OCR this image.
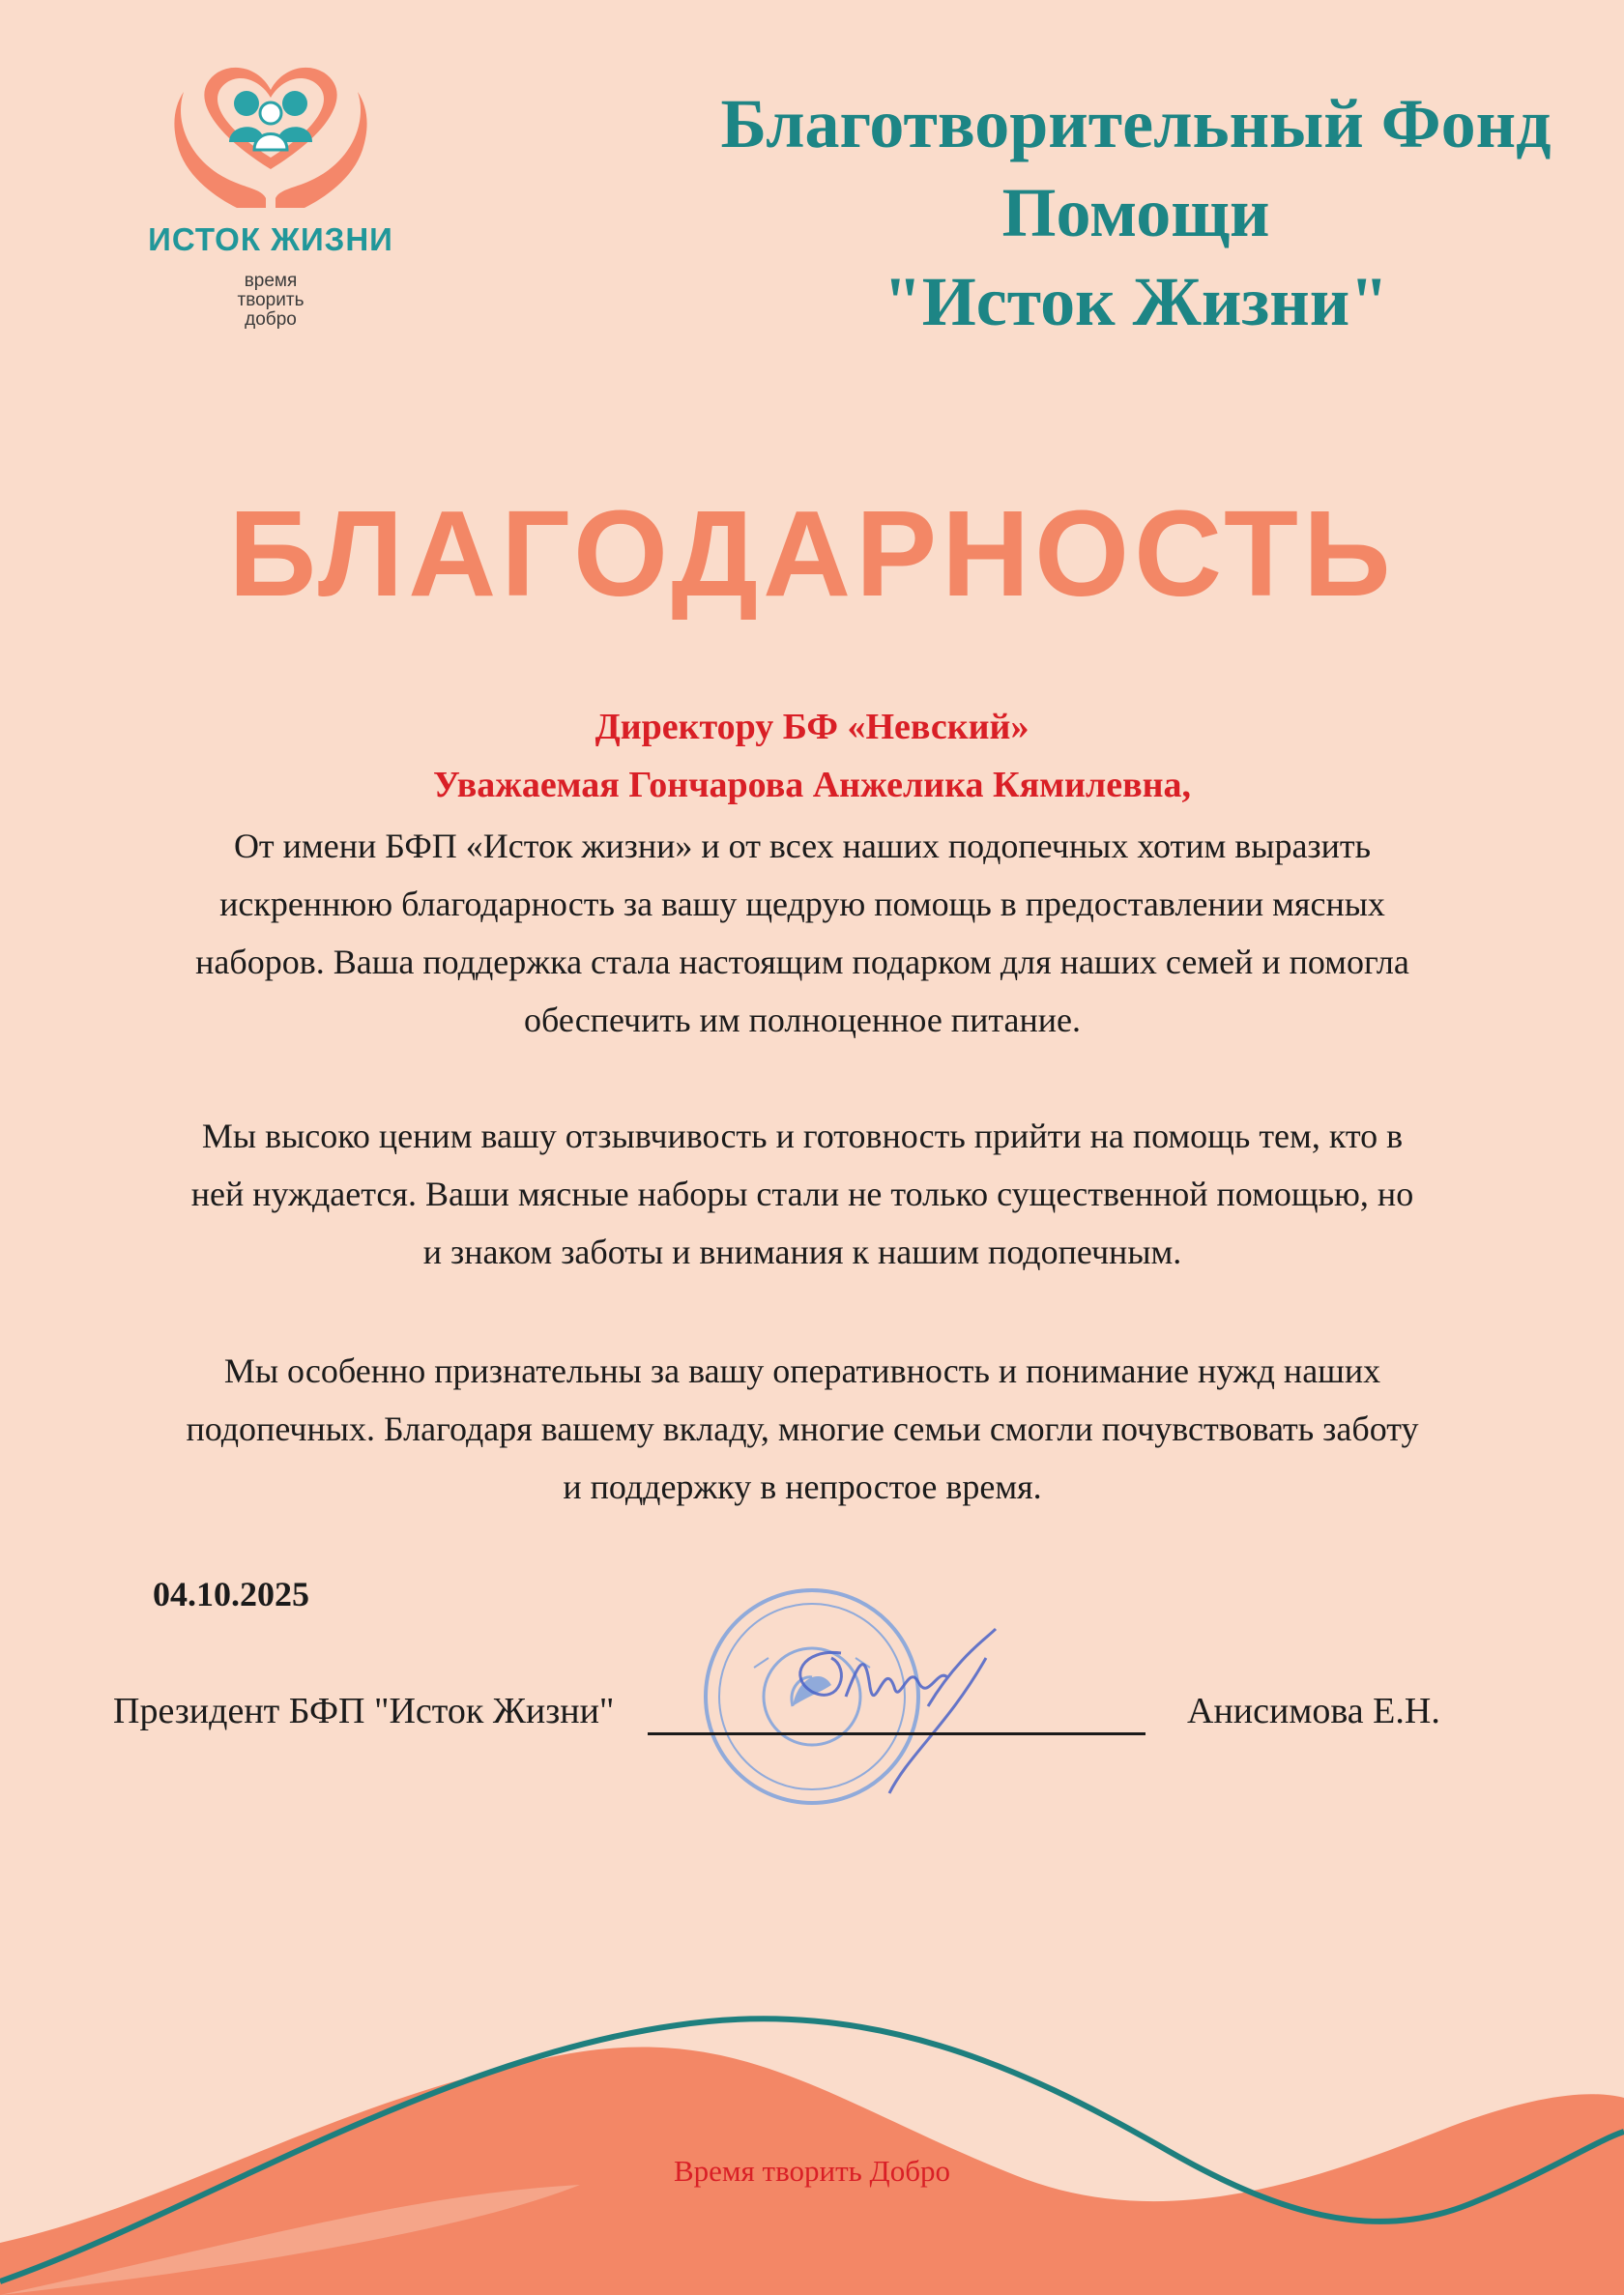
ИСТОК ЖИЗНИ
время
творить
добро
Благотворительный Фонд
Помощи
"Исток Жизни"
БЛАГОДАРНОСТЬ
Директору БФ «Невский»
Уважаемая Гончарова Анжелика Кямилевна,
От имени БФП «Исток жизни» и от всех наших подопечных хотим выразить
искреннюю благодарность за вашу щедрую помощь в предоставлении мясных
наборов. Ваша поддержка стала настоящим подарком для наших семей и помогла
обеспечить им полноценное питание.
Мы высоко ценим вашу отзывчивость и готовность прийти на помощь тем, кто в
ней нуждается. Ваши мясные наборы стали не только существенной помощью, но
и знаком заботы и внимания к нашим подопечным.
Мы особенно признательны за вашу оперативность и понимание нужд наших
подопечных. Благодаря вашему вкладу, многие семьи смогли почувствовать заботу
и поддержку в непростое время.
04.10.2025
Президент БФП "Исток Жизни"	Анисимова Е.Н.
Время творить Добро
